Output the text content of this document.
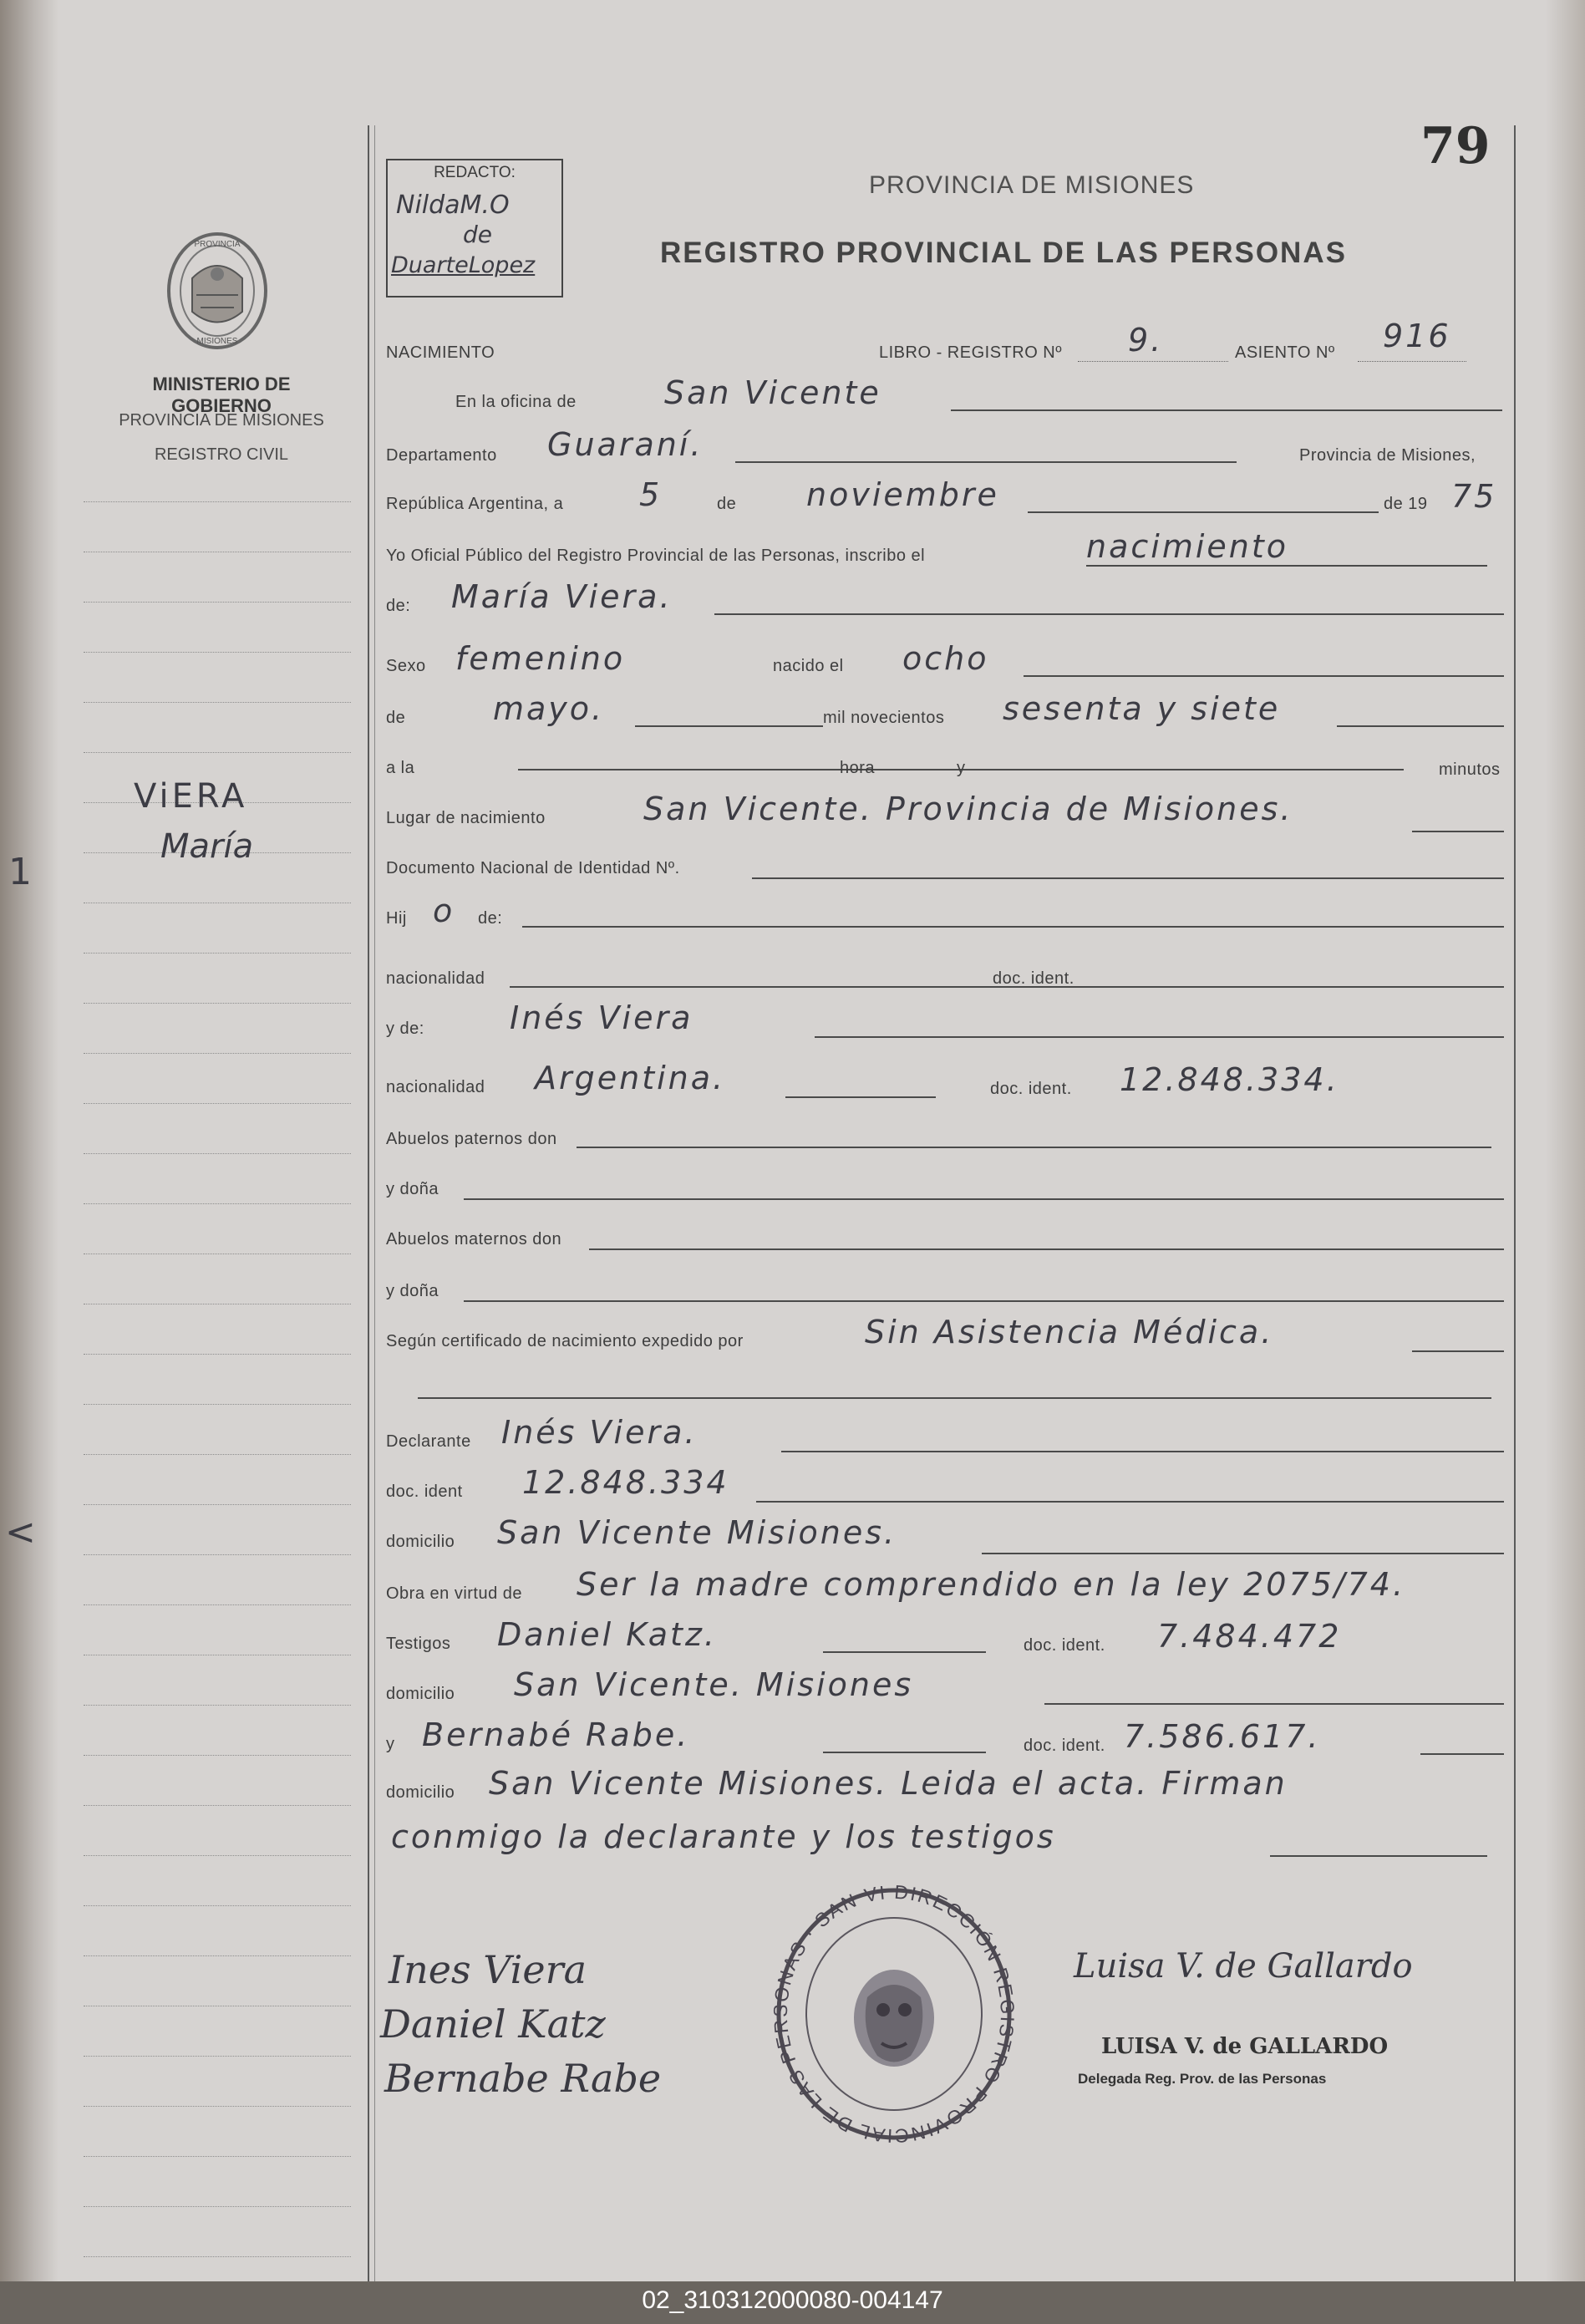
79
REDACTO:
NildaM.O
de
DuarteLopez
PROVINCIA DE MISIONES
REGISTRO PROVINCIAL DE LAS PERSONAS
PROVINCIA
MISIONES
MINISTERIO DE GOBIERNO
PROVINCIA DE MISIONES
REGISTRO CIVIL
ViERA
María
1
<
NACIMIENTO	LIBRO - REGISTRO Nº 9.	ASIENTO Nº 916
En la oficina de	San Vicente
Departamento Guaraní.	Provincia de Misiones,
República Argentina, a 5	de noviembre	de 19 75
Yo Oficial Público del Registro Provincial de las Personas, inscribo el	nacimiento
de: María Viera.
Sexo femenino	nacido el ocho
de	mayo.	mil novecientos sesenta y siete
a la	hora	y	minutos
Lugar de nacimiento	San Vicente. Provincia de Misiones.
Documento Nacional de Identidad Nº.
Hij o de:
nacionalidad	doc. ident.
y de:	Inés Viera
nacionalidad Argentina.	doc. ident. 12.848.334.
Abuelos paternos don
y doña
Abuelos maternos don
y doña
Según certificado de nacimiento expedido por	Sin Asistencia Médica.
Declarante Inés Viera.
doc. ident 12.848.334
domicilio San Vicente Misiones.
Obra en virtud de Ser la madre comprendido en la ley 2075/74.
Testigos Daniel Katz.	doc. ident. 7.484.472
domicilio San Vicente. Misiones
y Bernabé Rabe.	doc. ident. 7.586.617.
domicilio San Vicente Misiones. Leida el acta. Firman
conmigo la declarante y los testigos
Ines Viera
Daniel Katz
Bernabe Rabe
Luisa V. de Gallardo
LUISA V. de GALLARDO
Delegada Reg. Prov. de las Personas
DIRECCIÓN REGISTRO PROVINCIAL DE LAS PERSONAS · SAN VI
02_310312000080-004147
